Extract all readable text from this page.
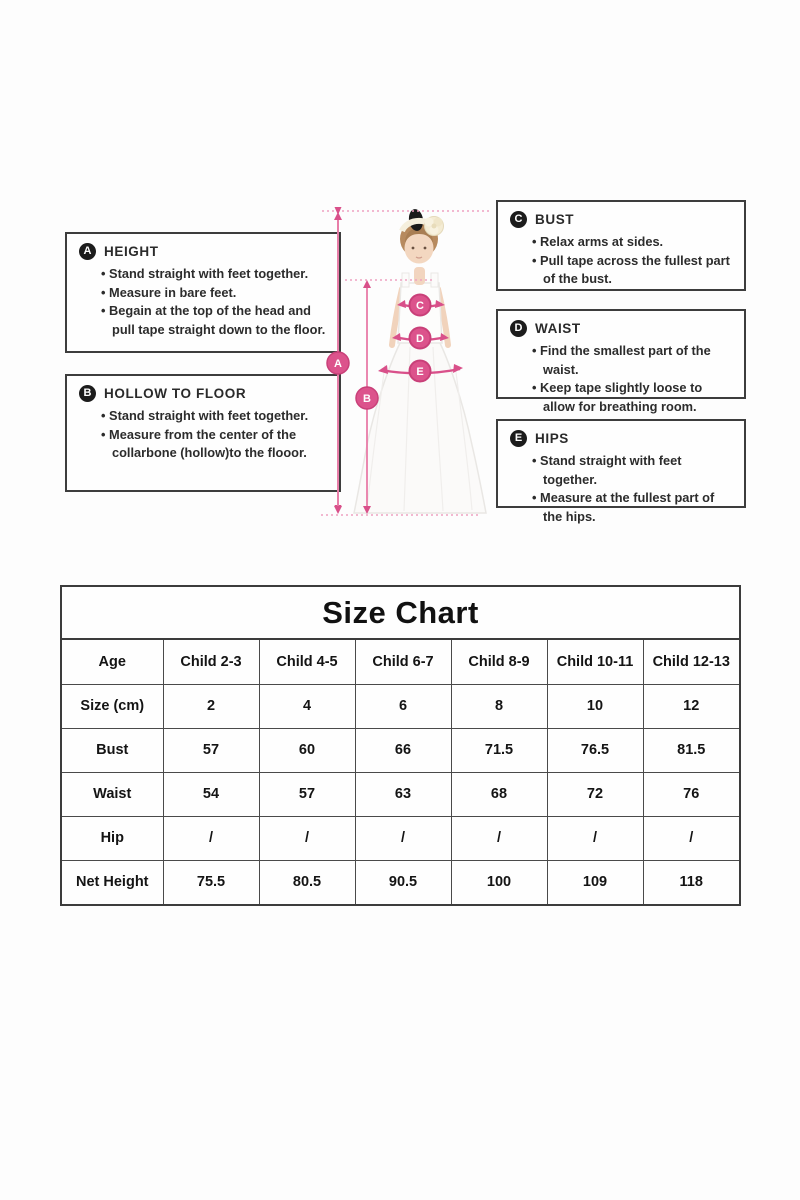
A HEIGHT
• Stand straight with feet together.
• Measure in bare feet.
• Begain at the top of the head and pull tape straight down to the floor.
B HOLLOW TO FLOOR
• Stand straight with feet together.
• Measure from the center of the collarbone (hollow)to the flooor.
C BUST
• Relax arms at sides.
• Pull tape across the fullest part of the bust.
D WAIST
• Find the smallest part of the waist.
• Keep tape slightly loose to allow for breathing room.
E HIPS
• Stand straight with feet together.
• Measure at the fullest part of the hips.
A
B
C
D
E
Size Chart
Age	Child 2-3	Child 4-5	Child 6-7	Child 8-9	Child 10-11	Child 12-13
Size (cm)	2	4	6	8	10	12
Bust	57	60	66	71.5	76.5	81.5
Waist	54	57	63	68	72	76
Hip	/	/	/	/	/	/
Net Height	75.5	80.5	90.5	100	109	118
